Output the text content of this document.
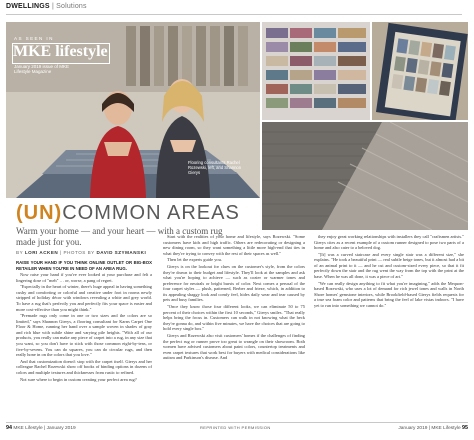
DWELLINGS | Solutions
AS SEEN IN
MKE lifestyle
January 2019 issue of MKE Lifestyle Magazine
Flooring consultants Rachel Rozewski, left, and Shannon Gierys
(UN)COMMON AREAS
Warm your home — and your heart — with a custom rug made just for you.
BY LORI ACKEN | PHOTOS BY DAVID SZYMANSKI
RAISE YOUR HAND IF YOU THINK ONLINE OUTLET OR BIG-BOX RETAILER WHEN YOU'RE IN NEED OF AN AREA RUG.

Now raise your hand if you've ever looked at your purchase and felt a lingering dose of "meh" … or, worse, a pang of regret.

"Especially in the heart of winter, there's huge appeal in having something cushy and comforting or colorful and creative under foot in rooms newly stripped of holiday décor with windows revealing a white and grey world. To have a rug that's perfectly you and perfectly fits your space is easier and more cost-effective than you might think."

"Premade rugs only come in one or two sizes and the colors are so limited," says Shannon Gierys, a flooring consultant for Karns Carpet One Floor & Home, running her hand over a sample woven in shades of gray and rich blue with subtle shine and varying pile heights. "With all of our products, you really can make any piece of carpet into a rug, in any size that you want, so you don't have to stick with those common eight-by-tens, or five-by-sevens. You can do squares, you can do circular rugs, and then really hone in on the colors that you love."

And that customization doesn't stop with the carpet itself. Gierys and her colleague Rachel Rozewski show off books of binding options in dozens of colors and multiple textures and thicknesses from rustic to refined.

Not sure where to begin in custom creating your perfect area rug?

Start with the realities of your home and lifestyle, says Rozewski. "Some customers have kids and high traffic. Others are redecorating or designing a new dining room, so they want something a little more high-end that ties in what they're trying to convey with the rest of their spaces as well."

Then let the experts guide you.

Gierys is on the lookout for clues on the customer's style, from the colors they're drawn to their budget and lifestyle. They'll look at the samples and ask what you're hoping to achieve — such as cozier or warmer tones and preference for neutrals or bright bursts of color. Next comes a perusal of the four carpet styles — plush, patterned, Berber and frieze, which, in addition to its appealing shaggy look and comfy feel, hides daily wear and tear caused by pets and busy families.

"Once they know those four different looks, we can eliminate 50 to 75 percent of their choices within the first 10 seconds," Gierys smiles. "That really helps bring the focus in. Customers can walk in not knowing what the heck they're gonna do, and within five minutes, we have the choices that are going to hold every single box."

Gierys and Rozewski also visit customers' homes if the challenges of finding the perfect rug or runner prove too great to wrangle on their showroom. Both women have advised customers about paint colors, countertop treatments and even carpet textures that work best for buyers with medical considerations like autism and Parkinson's disease. And

they enjoy great working relationships with installers they call "craftsmen artists." Gierys cites as a recent example of a custom runner designed to pose two parts of a home and also cater to a beloved dog.

"[It] was a curved staircase and every single stair was a different size," she explains. "He took a beautiful print — real subtle beige tones, but it almost had a bit of an animal print to it — and he cut and custom-sized every piece, so that it fit perfectly down the stair and the rug went the way from the top with the print at the base. When he was all done, it was a piece of art."

"We can really design anything to fit what you're imagining," adds the Mequon-based Rozewski, who uses a lot of demand for rich jewel tones and walls in North Shore homes' gemstone interiors, while Brookfield-based Gierys fields requests for a true sea foam color and patterns that bring the feel of lake vistas indoors. "I have yet to run into something we cannot do."

94 MKE Lifestyle | January 2019	REPRINTED WITH PERMISSION	January 2019 | MKE Lifestyle 95
